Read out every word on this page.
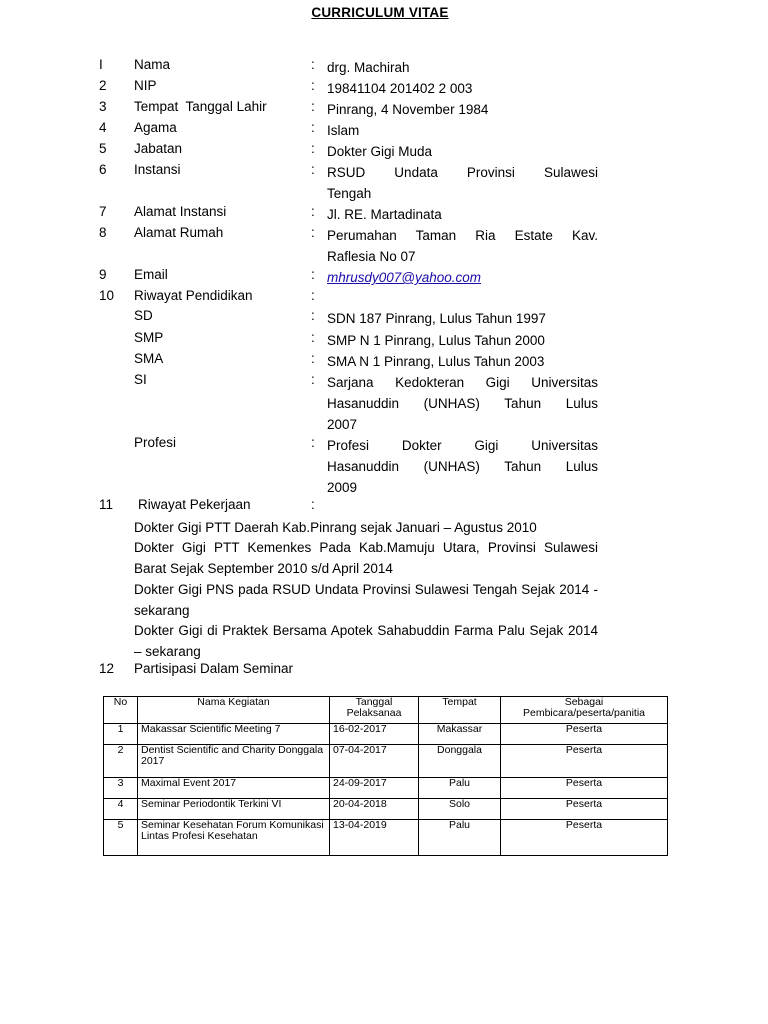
CURRICULUM VITAE
I Nama	: drg. Machirah
2 NIP	: 19841104 201402 2 003
3 Tempat  Tanggal Lahir	: Pinrang, 4 November 1984
4 Agama	: Islam
5 Jabatan	: Dokter Gigi Muda
6 Instansi	: RSUD Undata Provinsi Sulawesi
Tengah
7 Alamat Instansi	: Jl. RE. Martadinata
8 Alamat Rumah	: Perumahan Taman Ria Estate Kav.
Raflesia No 07
9 Email	: mhrusdy007@yahoo.com
10 Riwayat Pendidikan	:
SD	: SDN 187 Pinrang, Lulus Tahun 1997
SMP	: SMP N 1 Pinrang, Lulus Tahun 2000
SMA	: SMA N 1 Pinrang, Lulus Tahun 2003
SI	: Sarjana Kedokteran Gigi Universitas
Hasanuddin (UNHAS) Tahun Lulus
2007
Profesi	: Profesi Dokter Gigi Universitas
Hasanuddin (UNHAS) Tahun Lulus
2009
11 Riwayat Pekerjaan	:
Dokter Gigi PTT Daerah Kab.Pinrang sejak Januari – Agustus 2010
Dokter Gigi PTT Kemenkes Pada Kab.Mamuju Utara, Provinsi Sulawesi Barat Sejak September 2010 s/d April 2014
Dokter Gigi PNS pada RSUD Undata Provinsi Sulawesi Tengah Sejak 2014 - sekarang
Dokter Gigi di Praktek Bersama Apotek Sahabuddin Farma Palu Sejak 2014 – sekarang
12 Partisipasi Dalam Seminar
No	Nama Kegiatan	Tanggal Pelaksanaa	Tempat	Sebagai Pembicara/peserta/panitia
1	Makassar Scientific Meeting 7	16-02-2017	Makassar	Peserta
2	Dentist Scientific and Charity Donggala 2017	07-04-2017	Donggala	Peserta
3	Maximal Event 2017	24-09-2017	Palu	Peserta
4	Seminar Periodontik Terkini VI	20-04-2018	Solo	Peserta
5	Seminar Kesehatan Forum Komunikasi Lintas Profesi Kesehatan	13-04-2019	Palu	Peserta
